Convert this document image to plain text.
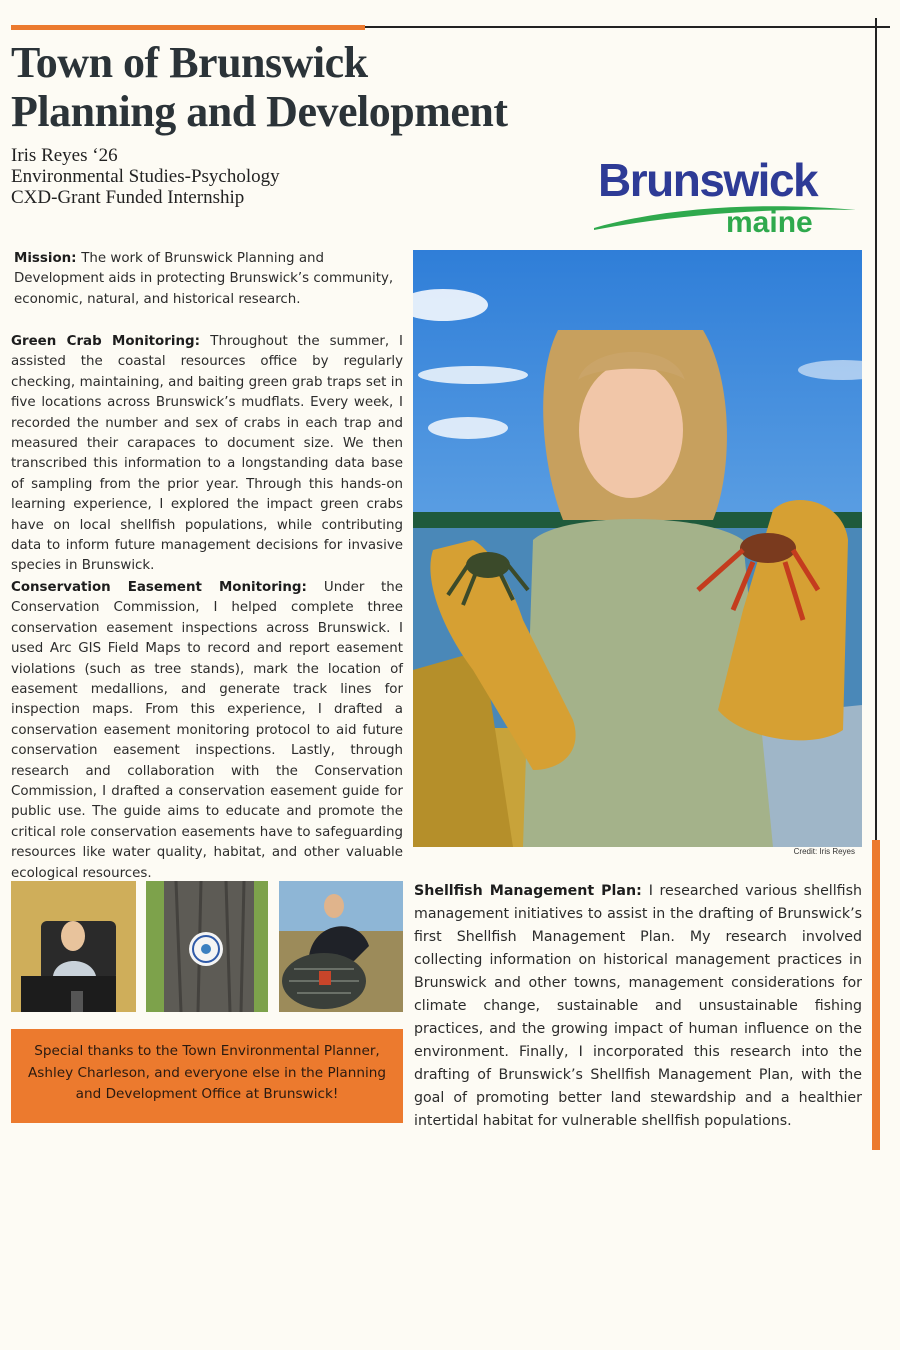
Town of Brunswick
Planning and Development
Iris Reyes ‘26
Environmental Studies-Psychology
CXD-Grant Funded Internship	Brunswick
maine
Mission: The work of Brunswick Planning and Development aids in protecting Brunswick’s community, economic, natural, and historical research.
Green Crab Monitoring: Throughout the summer, I assisted the coastal resources office by regularly checking, maintaining, and baiting green grab traps set in five locations across Brunswick’s mudflats. Every week, I recorded the number and sex of crabs in each trap and measured their carapaces to document size. We then transcribed this information to a longstanding data base of sampling from the prior year. Through this hands-on learning experience, I explored the impact green crabs have on local shellfish populations, while contributing data to inform future management decisions for invasive species in Brunswick.
Conservation Easement Monitoring: Under the Conservation Commission, I helped complete three conservation easement inspections across Brunswick. I used Arc GIS Field Maps to record and report easement violations (such as tree stands), mark the location of easement medallions, and generate track lines for inspection maps. From this experience, I drafted a conservation easement monitoring protocol to aid future conservation easement inspections. Lastly, through research and collaboration with the Conservation Commission, I drafted a conservation easement guide for public use. The guide aims to educate and promote the critical role conservation easements have to safeguarding resources like water quality, habitat, and other valuable ecological resources.
Credit: Iris Reyes
Special thanks to the Town Environmental Planner, Ashley Charleson, and everyone else in the Planning and Development Office at Brunswick!
Shellfish Management Plan: I researched various shellfish management initiatives to assist in the drafting of Brunswick’s first Shellfish Management Plan. My research involved collecting information on historical management practices in Brunswick and other towns, management considerations for climate change, sustainable and unsustainable fishing practices, and the growing impact of human influence on the environment. Finally, I incorporated this research into the drafting of Brunswick’s Shellfish Management Plan, with the goal of promoting better land stewardship and a healthier intertidal habitat for vulnerable shellfish populations.
